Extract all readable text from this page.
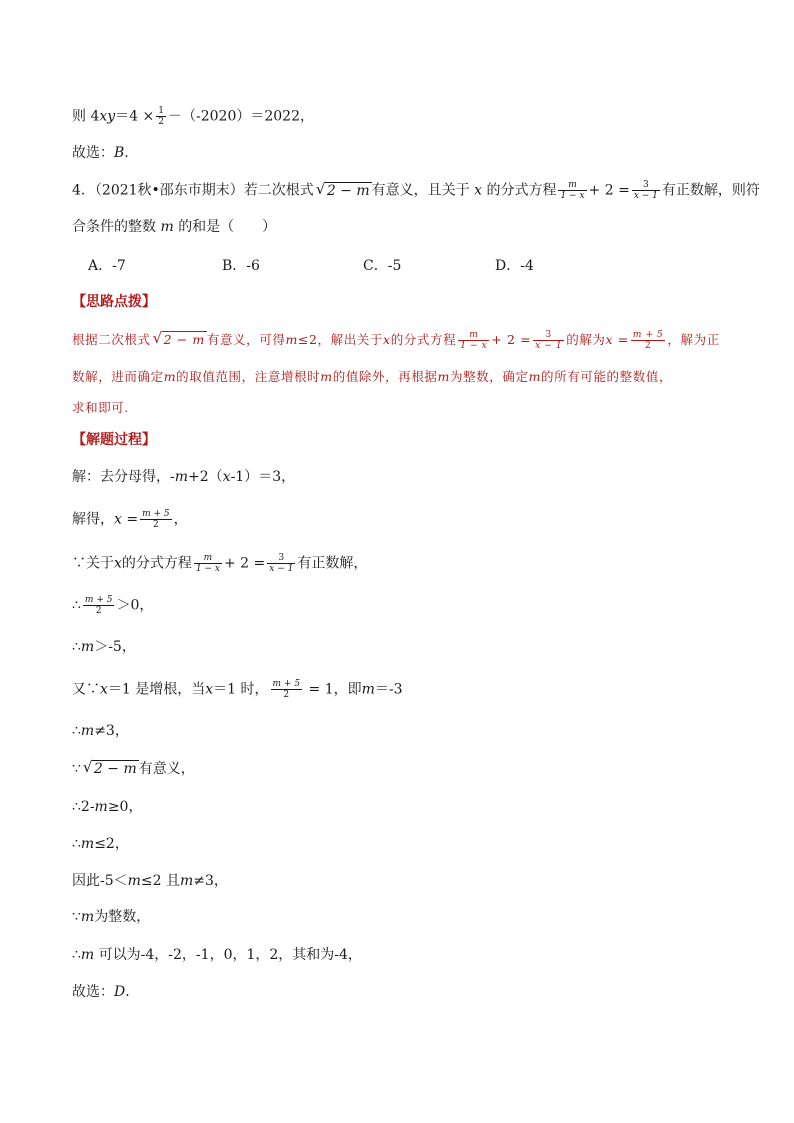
则 $4xy=4 \times \frac{1}{2} -(-2020)=2022$，
故选：B.
4．（2021秋•邵东市期末）若二次根式 √ 2 − m 有意义，且关于 x 的分式方程 $\frac{m}{1 - x} + 2 = \frac{3}{x - 1}$ 有正数解，则符
合条件的整数 m 的和是（　　）
A．-7	B．-6	C．-5	D．-4
【思路点拨】
根据二次根式 √ 2 − m 有意义，可得m≤2，解出关于x的分式方程 $\frac{m}{1 - x} + 2 = \frac{3}{x - 1}$ 的解为$x = \frac{m + 5}{2}$ ，解为正
数解，进而确定m的取值范围，注意增根时m的值除外，再根据m为整数，确定m的所有可能的整数值，
求和即可.
【解题过程】
解：去分母得，-m+2（x-1）＝3，
解得，$x = \frac{m + 5}{2}$ ，
∵关于x的分式方程 $\frac{m}{1 - x} + 2 = \frac{3}{x - 1}$ 有正数解，
∴ $\frac{m + 5}{2} >0$，
∴m＞-5，
又∵x＝1 是增根，当x＝1 时， $\frac{m + 5}{2} = 1$，即m＝-3
∴m≠3，
∵ √ 2 − m 有意义，
∴2-m≥0，
∴m≤2，
因此-5＜m≤2 且m≠3，
∵m为整数，
∴m 可以为-4，-2，-1，0，1，2，其和为-4，
故选：D.
